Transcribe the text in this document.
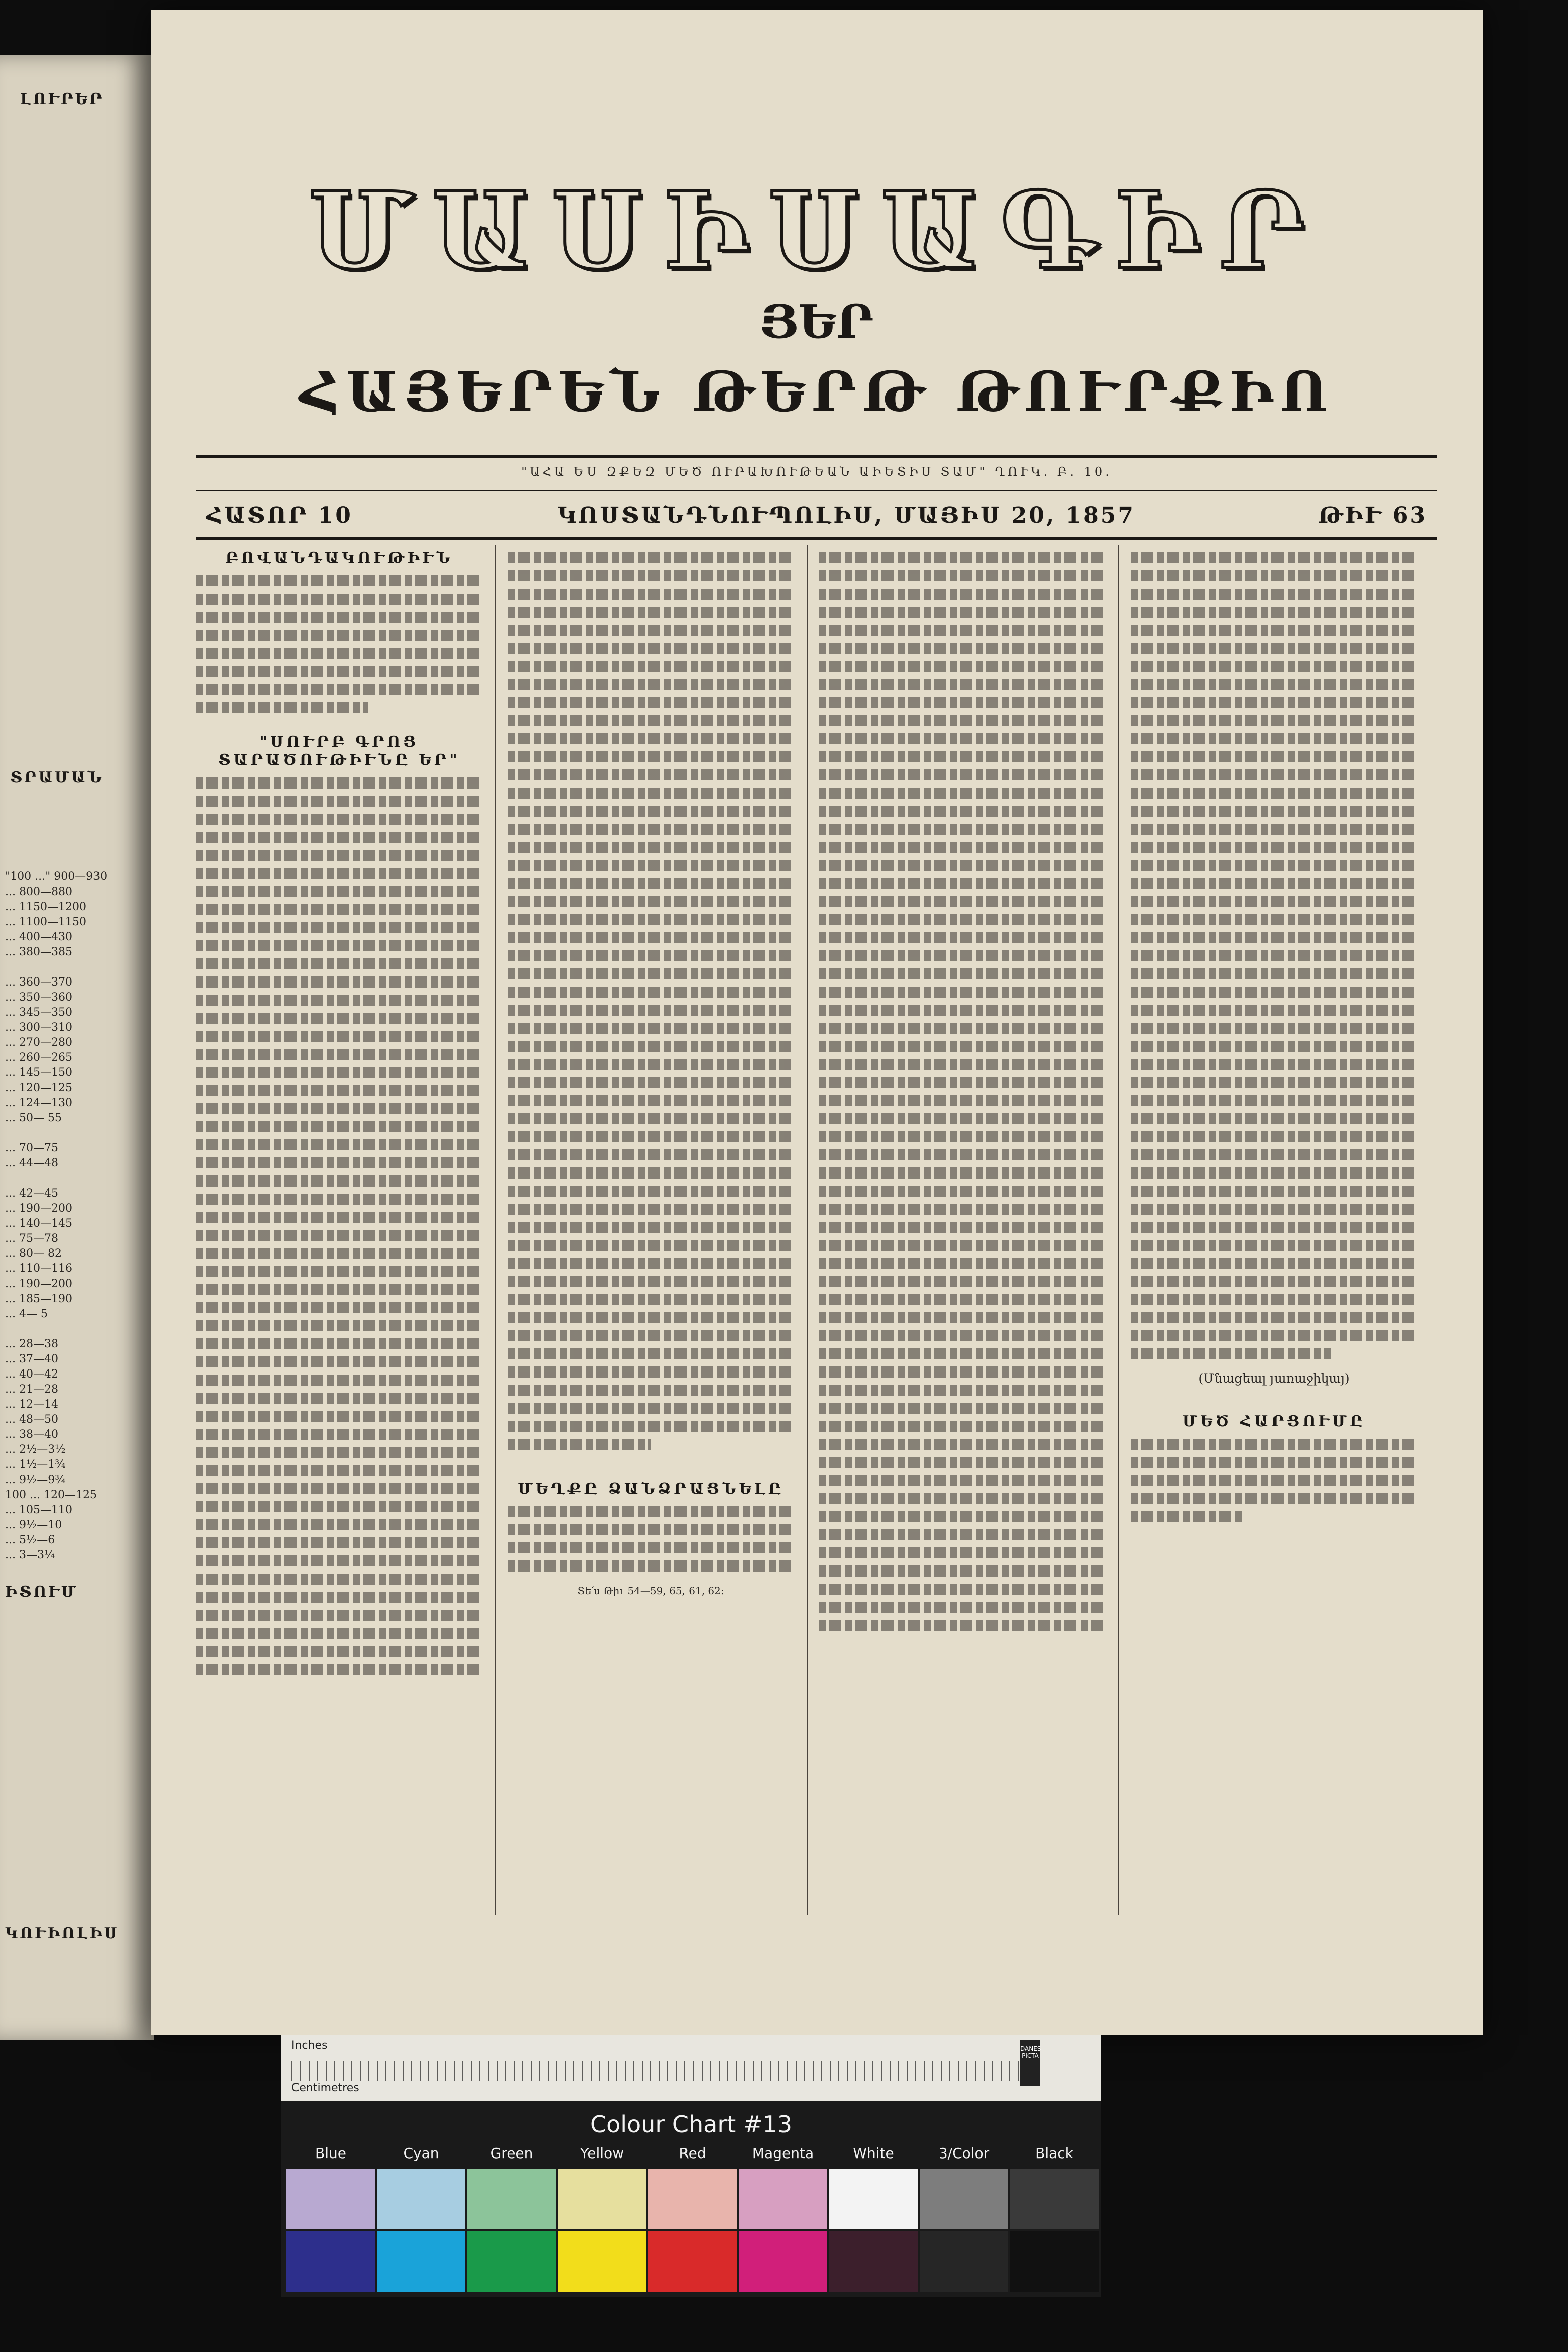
ԼՈՒՐԵՐ
ՏՐԱՄԱՆ
ԻՏՈՒՄ
ԿՈՒԻՈԼԻՍ
"100 ..." 900—930
... 800—880
... 1150—1200
... 1100—1150
... 400—430
... 380—385

... 360—370
... 350—360
... 345—350
... 300—310
... 270—280
... 260—265
... 145—150
... 120—125
... 124—130
... 50— 55

... 70—75
... 44—48

... 42—45
... 190—200
... 140—145
... 75—78
... 80— 82
... 110—116
... 190—200
... 185—190
... 4— 5

... 28—38
... 37—40
... 40—42
... 21—28
... 12—14
... 48—50
... 38—40
... 2½—3½
... 1½—1¾
... 9½—9¾
100 ... 120—125
... 105—110
... 9½—10
... 5½—6
... 3—3¼
ՄԱՍԻՍԱԳԻՐ
ՅԵՐ
ՀԱՅԵՐԵՆ ԹԵՐԹ ԹՈՒՐՔԻՈ
"ԱՀԱ ԵՍ ԶՔԵԶ ՄԵԾ ՈՒՐԱԽՈՒԹԵԱՆ ԱԻԵՏԻՍ ՏԱՄ" ՂՈՒԿ. Բ. 10.
ՀԱՏՈՐ 10	ԿՈՍՏԱՆԴՆՈՒՊՈԼԻՍ, ՄԱՅԻՍ 20, 1857	ԹԻՒ 63
ԲՈՎԱՆԴԱԿՈՒԹԻՒՆ
"ՍՈՒՐԲ ԳՐՈՑ ՏԱՐԱԾՈՒԹԻՒՆԸ ԵՐ"
ՄԵՂՔԸ ՁԱՆՁՐԱՑՆԵԼԸ
Տե՛ս Թիւ 54—59, 65, 61, 62:
(Մնացեալ յառաջիկայ)
ՄԵԾ ՀԱՐՑՈՒՄԸ
Inches
Centimetres
DANES PICTA
Colour Chart #13
Blue	Cyan	Green	Yellow	Red	Magenta	White	3/Color	Black
